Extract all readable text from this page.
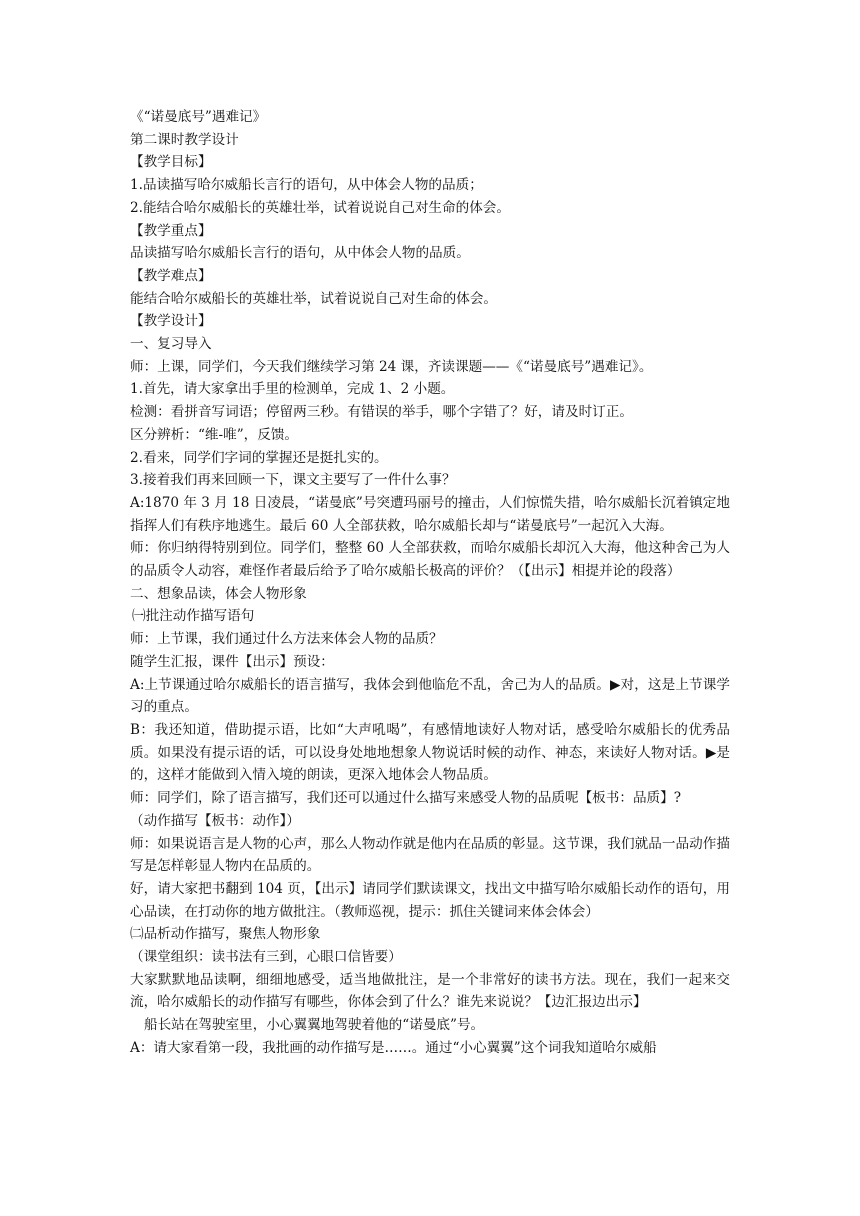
《“诺曼底号”遇难记》

第二课时教学设计

【教学目标】

1.品读描写哈尔威船长言行的语句，从中体会人物的品质；

2.能结合哈尔威船长的英雄壮举，试着说说自己对生命的体会。

【教学重点】

品读描写哈尔威船长言行的语句，从中体会人物的品质。

【教学难点】

能结合哈尔威船长的英雄壮举，试着说说自己对生命的体会。

【教学设计】

一、复习导入

师：上课，同学们，今天我们继续学习第 24 课，齐读课题——《“诺曼底号”遇难记》。

1.首先，请大家拿出手里的检测单，完成 1、2 小题。

检测：看拼音写词语；停留两三秒。有错误的举手，哪个字错了？好，请及时订正。

区分辨析：“维-唯”，反馈。

2.看来，同学们字词的掌握还是挺扎实的。

3.接着我们再来回顾一下，课文主要写了一件什么事？

A:1870 年 3 月 18 日凌晨，“诺曼底”号突遭玛丽号的撞击，人们惊慌失措，哈尔威船长沉着镇定地指挥人们有秩序地逃生。最后 60 人全部获救，哈尔威船长却与“诺曼底号”一起沉入大海。

师：你归纳得特别到位。同学们，整整 60 人全部获救，而哈尔威船长却沉入大海，他这种舍己为人的品质令人动容，难怪作者最后给予了哈尔威船长极高的评价？（【出示】相提并论的段落）

二、想象品读，体会人物形象

㈠批注动作描写语句

师：上节课，我们通过什么方法来体会人物的品质？

随学生汇报，课件【出示】预设：

A:上节课通过哈尔威船长的语言描写，我体会到他临危不乱，舍己为人的品质。▶对，这是上节课学习的重点。

B：我还知道，借助提示语，比如“大声吼喝”，有感情地读好人物对话，感受哈尔威船长的优秀品质。如果没有提示语的话，可以设身处地地想象人物说话时候的动作、神态，来读好人物对话。▶是的，这样才能做到入情入境的朗读，更深入地体会人物品质。

师：同学们，除了语言描写，我们还可以通过什么描写来感受人物的品质呢【板书：品质】?

（动作描写【板书：动作】）

师：如果说语言是人物的心声，那么人物动作就是他内在品质的彰显。这节课，我们就品一品动作描写是怎样彰显人物内在品质的。

好，请大家把书翻到 104 页，【出示】请同学们默读课文，找出文中描写哈尔威船长动作的语句，用心品读，在打动你的地方做批注。（教师巡视，提示：抓住关键词来体会体会）

㈡品析动作描写，聚焦人物形象

（课堂组织：读书法有三到，心眼口信皆要）

大家默默地品读啊，细细地感受，适当地做批注，是一个非常好的读书方法。现在，我们一起来交流，哈尔威船长的动作描写有哪些，你体会到了什么？谁先来说说？【边汇报边出示】

船长站在驾驶室里，小心翼翼地驾驶着他的“诺曼底”号。

A：请大家看第一段，我批画的动作描写是……。通过“小心翼翼”这个词我知道哈尔威船
